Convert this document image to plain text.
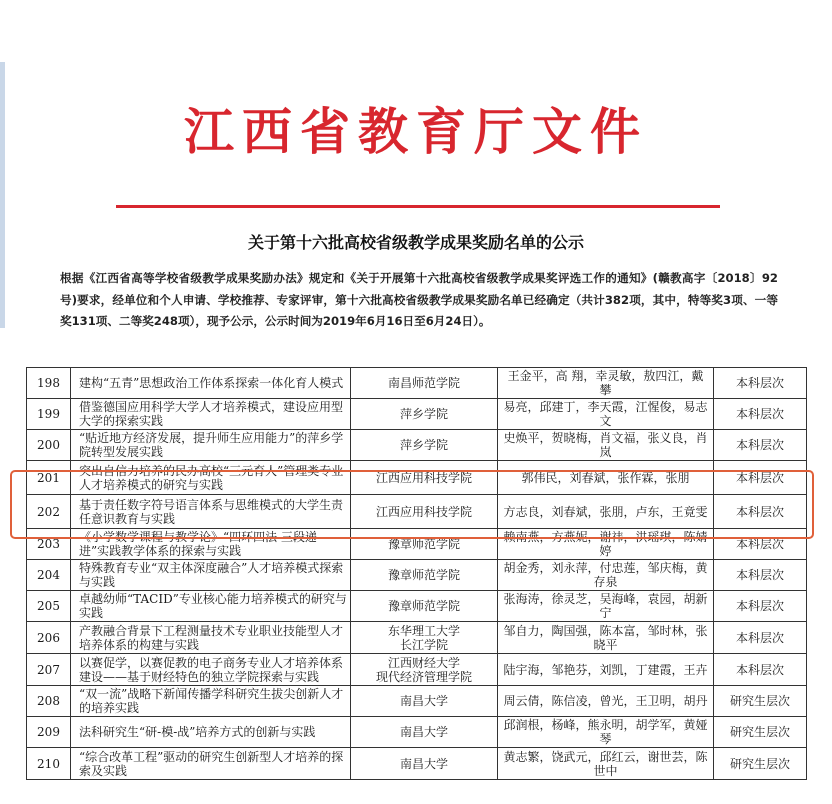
江西省教育厅文件
关于第十六批高校省级教学成果奖励名单的公示
根据《江西省高等学校省级教学成果奖励办法》规定和《关于开展第十六批高校省级教学成果奖评选工作的通知》(赣教高字〔2018〕92号)要求，经单位和个人申请、学校推荐、专家评审，第十六批高校省级教学成果奖励名单已经确定（共计382项，其中，特等奖3项、一等奖131项、二等奖248项），现予公示，公示时间为2019年6月16日至6月24日）。
198	建构“五青”思想政治工作体系探索一体化育人模式	南昌师范学院	王金平，高 翔，幸灵敏，敖四江，戴 攀	本科层次
199	借鉴德国应用科学大学人才培养模式，建设应用型大学的探索实践	萍乡学院	易亮，邱建丁，李天霞，江惺俊，易志文	本科层次
200	“贴近地方经济发展，提升师生应用能力”的萍乡学院转型发展实践	萍乡学院	史焕平，贺晓梅，肖文福，张义良，肖岚	本科层次
201	突出自信力培养的民办高校“三元育人”管理类专业人才培养模式的研究与实践	江西应用科技学院	郭伟民，刘春斌，张作霖，张朋	本科层次
202	基于责任数字符号语言体系与思维模式的大学生责任意识教育与实践	江西应用科技学院	方志良，刘春斌，张朋，卢东，王竟雯	本科层次
203	《小学数学课程与教学论》“四环四法 三段递进”实践教学体系的探索与实践	豫章师范学院	赖南燕，方燕妮，谢祎，洪瑶琪，陈婧婷	本科层次
204	特殊教育专业“双主体深度融合”人才培养模式探索与实践	豫章师范学院	胡金秀，刘永萍，付忠莲，邹庆梅，黄存泉	本科层次
205	卓越幼师“TACID”专业核心能力培养模式的研究与实践	豫章师范学院	张海涛，徐灵芝，吴海峰，袁园，胡新宁	本科层次
206	产教融合背景下工程测量技术专业职业技能型人才培养体系的构建与实践	东华理工大学
长江学院	邹自力，陶国强，陈本富，邹时林，张晓平	本科层次
207	以赛促学，以赛促教的电子商务专业人才培养体系建设——基于财经特色的独立学院探索与实践	江西财经大学
现代经济管理学院	陆宇海，邹艳芬，刘凯，丁建霞，王卉	本科层次
208	“双一流”战略下新闻传播学科研究生拔尖创新人才的培养实践	南昌大学	周云倩，陈信凌，曾光，王卫明，胡丹	研究生层次
209	法科研究生“研-模-战”培养方式的创新与实践	南昌大学	邱润根，杨峰，熊永明，胡学军，黄娅琴	研究生层次
210	“综合改革工程”驱动的研究生创新型人才培养的探索及实践	南昌大学	黄志繁，饶武元，邱红云，谢世芸，陈世中	研究生层次
